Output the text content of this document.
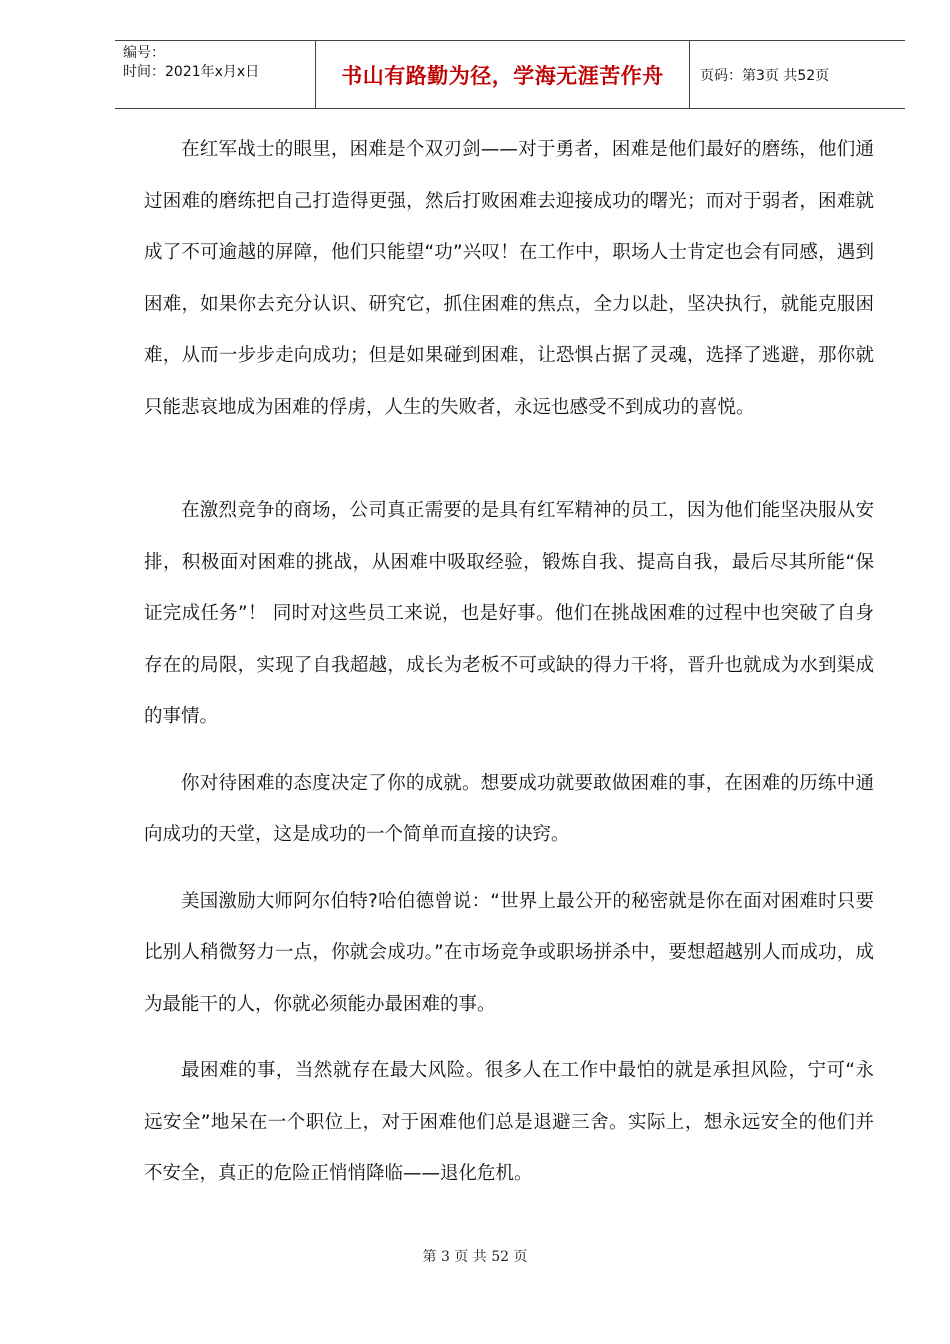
编号：
时间：2021年x月x日	书山有路勤为径，学海无涯苦作舟	页码：第3页 共52页

在红军战士的眼里，困难是个双刃剑——对于勇者，困难是他们最好的磨练，他们通过困难的磨练把自己打造得更强，然后打败困难去迎接成功的曙光；而对于弱者，困难就成了不可逾越的屏障，他们只能望“功”兴叹！在工作中，职场人士肯定也会有同感，遇到困难，如果你去充分认识、研究它，抓住困难的焦点，全力以赴，坚决执行，就能克服困难，从而一步步走向成功；但是如果碰到困难，让恐惧占据了灵魂，选择了逃避，那你就只能悲哀地成为困难的俘虏，人生的失败者，永远也感受不到成功的喜悦。

在激烈竞争的商场，公司真正需要的是具有红军精神的员工，因为他们能坚决服从安排，积极面对困难的挑战，从困难中吸取经验，锻炼自我、提高自我，最后尽其所能“保证完成任务”！ 同时对这些员工来说，也是好事。他们在挑战困难的过程中也突破了自身存在的局限，实现了自我超越，成长为老板不可或缺的得力干将，晋升也就成为水到渠成的事情。

你对待困难的态度决定了你的成就。想要成功就要敢做困难的事，在困难的历练中通向成功的天堂，这是成功的一个简单而直接的诀窍。

美国激励大师阿尔伯特?哈伯德曾说：“世界上最公开的秘密就是你在面对困难时只要比别人稍微努力一点，你就会成功。”在市场竞争或职场拼杀中，要想超越别人而成功，成为最能干的人，你就必须能办最困难的事。

最困难的事，当然就存在最大风险。很多人在工作中最怕的就是承担风险，宁可“永远安全”地呆在一个职位上，对于困难他们总是退避三舍。实际上，想永远安全的他们并不安全，真正的危险正悄悄降临——退化危机。

第 3 页 共 52 页
